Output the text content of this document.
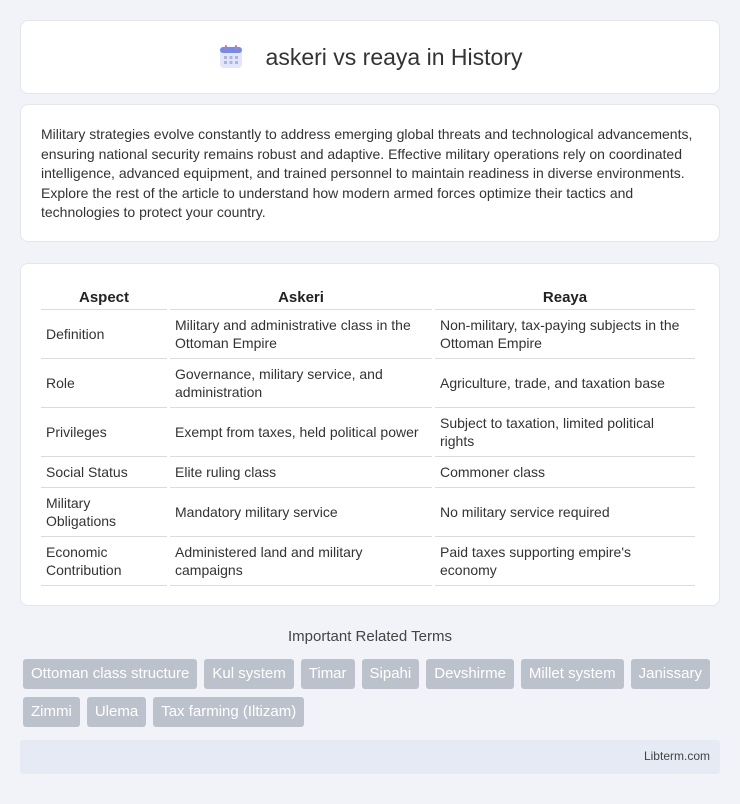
askeri vs reaya in History

Military strategies evolve constantly to address emerging global threats and technological advancements, ensuring national security remains robust and adaptive. Effective military operations rely on coordinated intelligence, advanced equipment, and trained personnel to maintain readiness in diverse environments. Explore the rest of the article to understand how modern armed forces optimize their tactics and technologies to protect your country.

Aspect	Askeri	Reaya
Definition	Military and administrative class in the Ottoman Empire	Non-military, tax-paying subjects in the Ottoman Empire
Role	Governance, military service, and administration	Agriculture, trade, and taxation base
Privileges	Exempt from taxes, held political power	Subject to taxation, limited political rights
Social Status	Elite ruling class	Commoner class
Military Obligations	Mandatory military service	No military service required
Economic Contribution	Administered land and military campaigns	Paid taxes supporting empire's economy
Important Related Terms
Ottoman class structure	Kul system	Timar	Sipahi	Devshirme	Millet system	Janissary
Zimmi	Ulema	Tax farming (Iltizam)
Libterm.com
